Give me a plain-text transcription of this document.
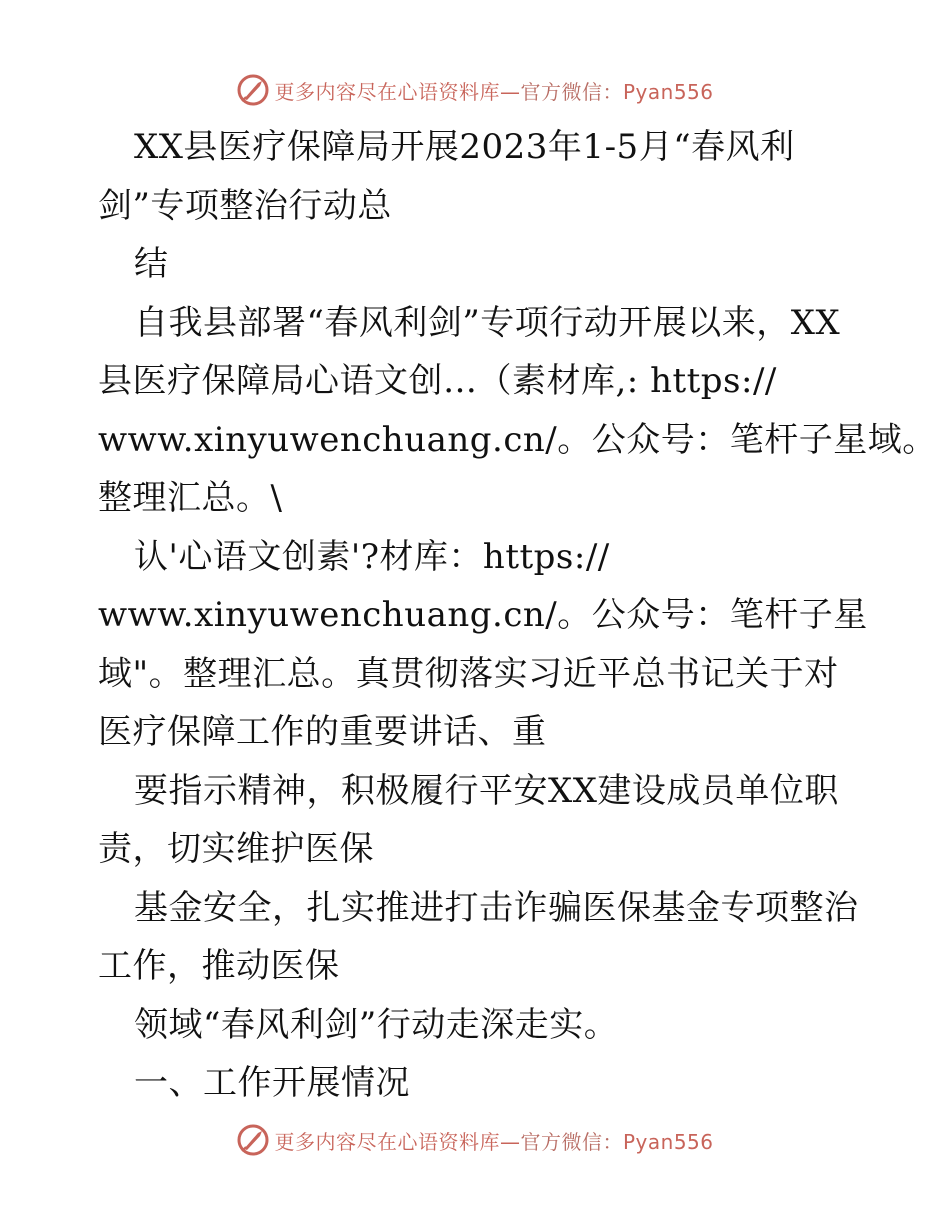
更多内容尽在心语资料库—官方微信：Pyan556
XX县医疗保障局开展2023年1-5月“春风利
剑”专项整治行动总
结
自我县部署“春风利剑”专项行动开展以来，XX
县医疗保障局心语文创…（素材库,: https://
www.xinyuwenchuang.cn/。公众号：笔杆子星域。
整理汇总。\
认'心语文创素'?材库：https://
www.xinyuwenchuang.cn/。公众号：笔杆子星
域"。整理汇总。真贯彻落实习近平总书记关于对
医疗保障工作的重要讲话、重
要指示精神，积极履行平安XX建设成员单位职
责，切实维护医保
基金安全，扎实推进打击诈骗医保基金专项整治
工作，推动医保
领域“春风利剑”行动走深走实。
一、工作开展情况
更多内容尽在心语资料库—官方微信：Pyan556
